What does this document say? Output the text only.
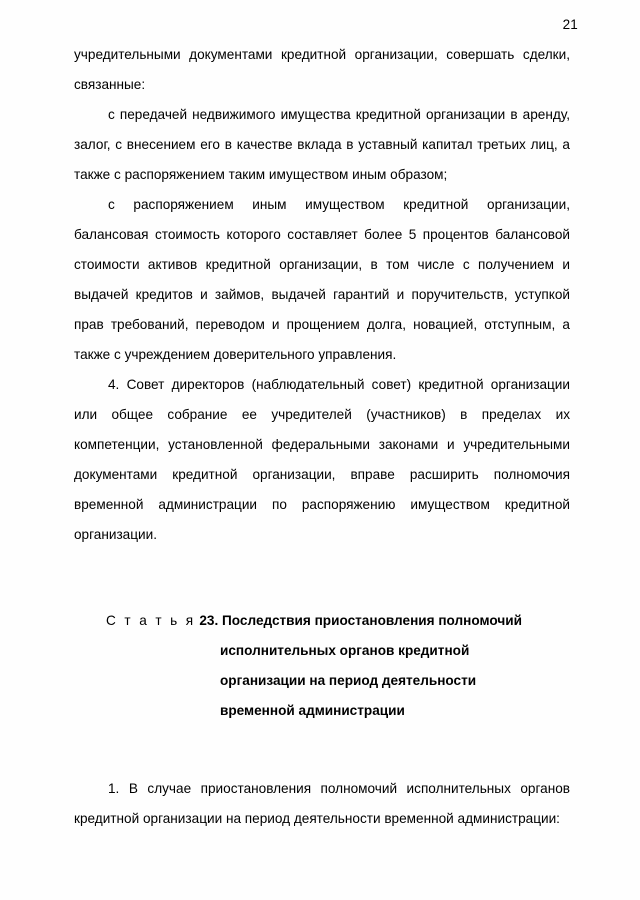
21

учредительными документами кредитной организации, совершать сделки, связанные:

с передачей недвижимого имущества кредитной организации в аренду, залог, с внесением его в качестве вклада в уставный капитал третьих лиц, а также с распоряжением таким имуществом иным образом;

с распоряжением иным имуществом кредитной организации, балансовая стоимость которого составляет более 5 процентов балансовой стоимости активов кредитной организации, в том числе с получением и выдачей кредитов и займов, выдачей гарантий и поручительств, уступкой прав требований, переводом и прощением долга, новацией, отступным, а также с учреждением доверительного управления.

4. Совет директоров (наблюдательный совет) кредитной организации или общее собрание ее учредителей (участников) в пределах их компетенции, установленной федеральными законами и учредительными документами кредитной организации, вправе расширить полномочия временной администрации по распоряжению имуществом кредитной организации.

С т а т ь я 23. Последствия приостановления полномочий
исполнительных органов кредитной
организации на период деятельности
временной администрации

1. В случае приостановления полномочий исполнительных органов кредитной организации на период деятельности временной администрации:
